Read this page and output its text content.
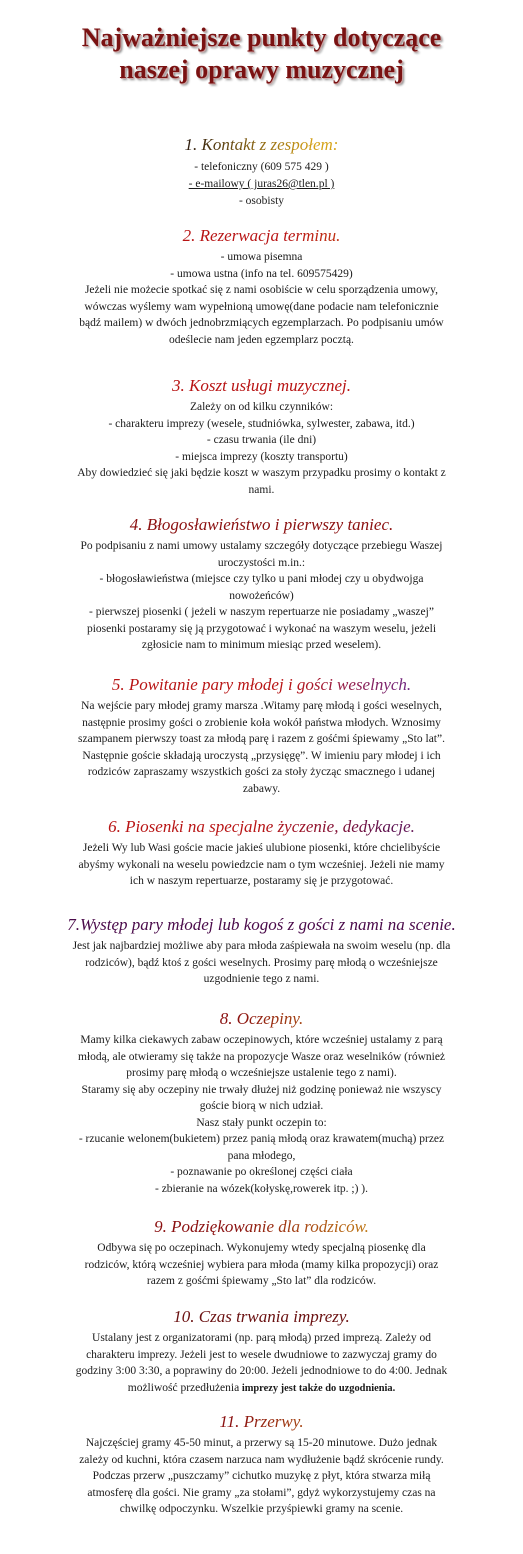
Najważniejsze punkty dotyczące
naszej oprawy muzycznej
1. Kontakt z zespołem:
- telefoniczny (609 575 429 )
- e-mailowy ( juras26@tlen.pl )
- osobisty
2. Rezerwacja terminu.
- umowa pisemna
- umowa ustna (info na tel. 609575429)
Jeżeli nie możecie spotkać się z nami osobiście w celu sporządzenia umowy,
wówczas wyślemy wam wypełnioną umowę(dane podacie nam telefonicznie
bądź mailem) w dwóch jednobrzmiących egzemplarzach. Po podpisaniu umów
odeślecie nam jeden egzemplarz pocztą.
3. Koszt usługi muzycznej.
Zależy on od kilku czynników:
- charakteru imprezy (wesele, studniówka, sylwester, zabawa, itd.)
- czasu trwania (ile dni)
- miejsca imprezy (koszty transportu)
Aby dowiedzieć się jaki będzie koszt w waszym przypadku prosimy o kontakt z
nami.
4. Błogosławieństwo i pierwszy taniec.
Po podpisaniu z nami umowy ustalamy szczegóły dotyczące przebiegu Waszej
uroczystości m.in.:
- błogosławieństwa (miejsce czy tylko u pani młodej czy u obydwojga
nowożeńców)
- pierwszej piosenki ( jeżeli w naszym repertuarze nie posiadamy „waszej”
piosenki postaramy się ją przygotować i wykonać na waszym weselu, jeżeli
zgłosicie nam to minimum miesiąc przed weselem).
5. Powitanie pary młodej i gości weselnych.
Na wejście pary młodej gramy marsza .Witamy parę młodą i gości weselnych,
następnie prosimy gości o zrobienie koła wokół państwa młodych. Wznosimy
szampanem pierwszy toast za młodą parę i razem z gośćmi śpiewamy „Sto lat”.
Następnie goście składają uroczystą „przysięgę”. W imieniu pary młodej i ich
rodziców zapraszamy wszystkich gości za stoły życząc smacznego i udanej
zabawy.
6. Piosenki na specjalne życzenie, dedykacje.
Jeżeli Wy lub Wasi goście macie jakieś ulubione piosenki, które chcielibyście
abyśmy wykonali na weselu powiedzcie nam o tym wcześniej. Jeżeli nie mamy
ich w naszym repertuarze, postaramy się je przygotować.
7.Występ pary młodej lub kogoś z gości z nami na scenie.
Jest jak najbardziej możliwe aby para młoda zaśpiewała na swoim weselu (np. dla
rodziców), bądź ktoś z gości weselnych. Prosimy parę młodą o wcześniejsze
uzgodnienie tego z nami.
8. Oczepiny.
Mamy kilka ciekawych zabaw oczepinowych, które wcześniej ustalamy z parą
młodą, ale otwieramy się także na propozycje Wasze oraz weselników (również
prosimy parę młodą o wcześniejsze ustalenie tego z nami).
Staramy się aby oczepiny nie trwały dłużej niż godzinę ponieważ nie wszyscy
goście biorą w nich udział.
Nasz stały punkt oczepin to:
- rzucanie welonem(bukietem) przez panią młodą oraz krawatem(muchą) przez
pana młodego,
- poznawanie po określonej części ciała
- zbieranie na wózek(kołyskę,rowerek itp. ;) ).
9. Podziękowanie dla rodziców.
Odbywa się po oczepinach. Wykonujemy wtedy specjalną piosenkę dla
rodziców, którą wcześniej wybiera para młoda (mamy kilka propozycji) oraz
razem z gośćmi śpiewamy „Sto lat” dla rodziców.
10. Czas trwania imprezy.
Ustalany jest z organizatorami (np. parą młodą) przed imprezą. Zależy od
charakteru imprezy. Jeżeli jest to wesele dwudniowe to zazwyczaj gramy do
godziny 3:00 3:30, a poprawiny do 20:00. Jeżeli jednodniowe to do 4:00. Jednak
możliwość przedłużenia imprezy jest także do uzgodnienia.
11. Przerwy.
Najczęściej gramy 45-50 minut, a przerwy są 15-20 minutowe. Dużo jednak
zależy od kuchni, która czasem narzuca nam wydłużenie bądź skrócenie rundy.
Podczas przerw „puszczamy” cichutko muzykę z płyt, która stwarza miłą
atmosferę dla gości. Nie gramy „za stołami”, gdyż wykorzystujemy czas na
chwilkę odpoczynku. Wszelkie przyśpiewki gramy na scenie.
